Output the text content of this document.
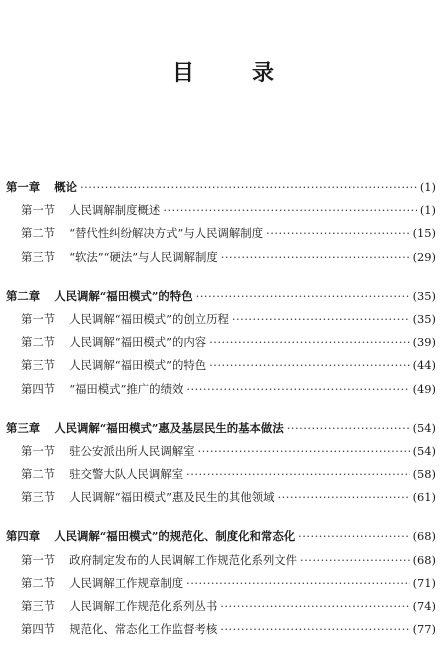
目　录
第一章 概论 ·····	(1)
第一节 人民调解制度概述 ·····	(1)
第二节 “替代性纠纷解决方式”与人民调解制度 ·····	(15)
第三节 “软法”“硬法”与人民调解制度 ·····	(29)
第二章 人民调解“福田模式”的特色 ·····	(35)
第一节 人民调解“福田模式”的创立历程 ·····	(35)
第二节 人民调解“福田模式”的内容 ·····	(39)
第三节 人民调解“福田模式”的特色 ·····	(44)
第四节 “福田模式”推广的绩效 ·····	(49)
第三章 人民调解“福田模式”惠及基层民生的基本做法 ·····	(54)
第一节 驻公安派出所人民调解室 ·····	(54)
第二节 驻交警大队人民调解室 ·····	(58)
第三节 人民调解“福田模式”惠及民生的其他领域 ·····	(61)
第四章 人民调解“福田模式”的规范化、制度化和常态化 ·····	(68)
第一节 政府制定发布的人民调解工作规范化系列文件 ·····	(68)
第二节 人民调解工作规章制度 ·····	(71)
第三节 人民调解工作规范化系列丛书 ·····	(74)
第四节 规范化、常态化工作监督考核 ·····	(77)
